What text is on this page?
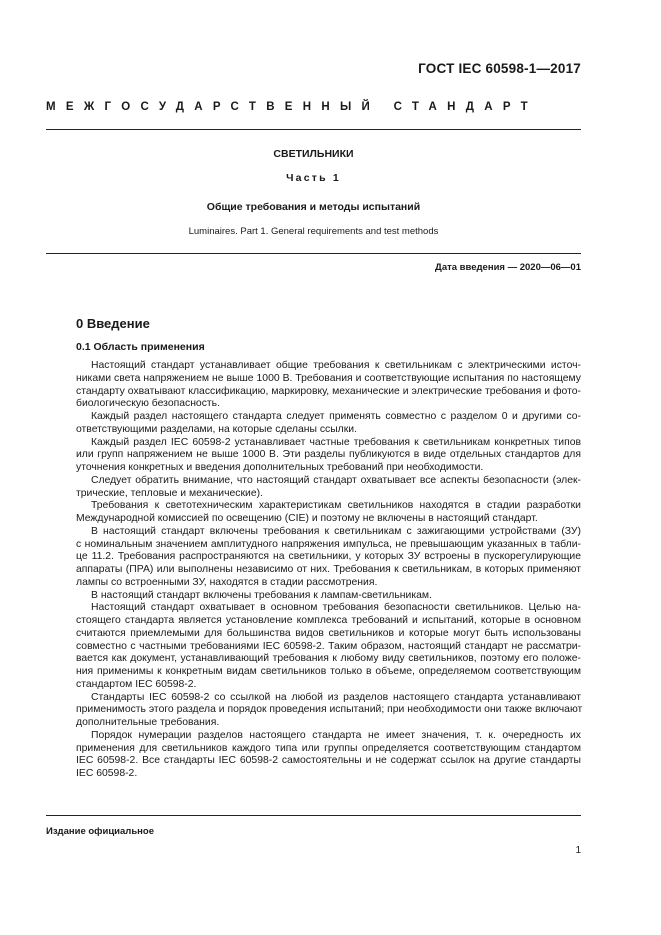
ГОСТ IEC 60598-1—2017
МЕЖГОСУДАРСТВЕННЫЙ СТАНДАРТ
СВЕТИЛЬНИКИ
Часть 1
Общие требования и методы испытаний
Luminaires. Part 1. General requirements and test methods
Дата введения — 2020—06—01
0 Введение
0.1 Область применения
Настоящий стандарт устанавливает общие требования к светильникам с электрическими источ-
никами света напряжением не выше 1000 В. Требования и соответствующие испытания по настоящему
стандарту охватывают классификацию, маркировку, механические и электрические требования и фото-
биологическую безопасность.
Каждый раздел настоящего стандарта следует применять совместно с разделом 0 и другими со-
ответствующими разделами, на которые сделаны ссылки.
Каждый раздел IEC 60598-2 устанавливает частные требования к светильникам конкретных типов
или групп напряжением не выше 1000 В. Эти разделы публикуются в виде отдельных стандартов для
уточнения конкретных и введения дополнительных требований при необходимости.
Следует обратить внимание, что настоящий стандарт охватывает все аспекты безопасности (элек-
трические, тепловые и механические).
Требования к светотехническим характеристикам светильников находятся в стадии разработки
Международной комиссией по освещению (CIE) и поэтому не включены в настоящий стандарт.
В настоящий стандарт включены требования к светильникам с зажигающими устройствами (ЗУ)
с номинальным значением амплитудного напряжения импульса, не превышающим указанных в табли-
це 11.2. Требования распространяются на светильники, у которых ЗУ встроены в пускорегулирующие
аппараты (ПРА) или выполнены независимо от них. Требования к светильникам, в которых применяют
лампы со встроенными ЗУ, находятся в стадии рассмотрения.
В настоящий стандарт включены требования к лампам-светильникам.
Настоящий стандарт охватывает в основном требования безопасности светильников. Целью на-
стоящего стандарта является установление комплекса требований и испытаний, которые в основном
считаются приемлемыми для большинства видов светильников и которые могут быть использованы
совместно с частными требованиями IEC 60598-2. Таким образом, настоящий стандарт не рассматри-
вается как документ, устанавливающий требования к любому виду светильников, поэтому его положе-
ния применимы к конкретным видам светильников только в объеме, определяемом соответствующим
стандартом IEC 60598-2.
Стандарты IEC 60598-2 со ссылкой на любой из разделов настоящего стандарта устанавливают
применимость этого раздела и порядок проведения испытаний; при необходимости они также включают
дополнительные требования.
Порядок нумерации разделов настоящего стандарта не имеет значения, т. к. очередность их
применения для светильников каждого типа или группы определяется соответствующим стандартом
IEC 60598-2. Все стандарты IEC 60598-2 самостоятельны и не содержат ссылок на другие стандарты
IEC 60598-2.
Издание официальное
1
